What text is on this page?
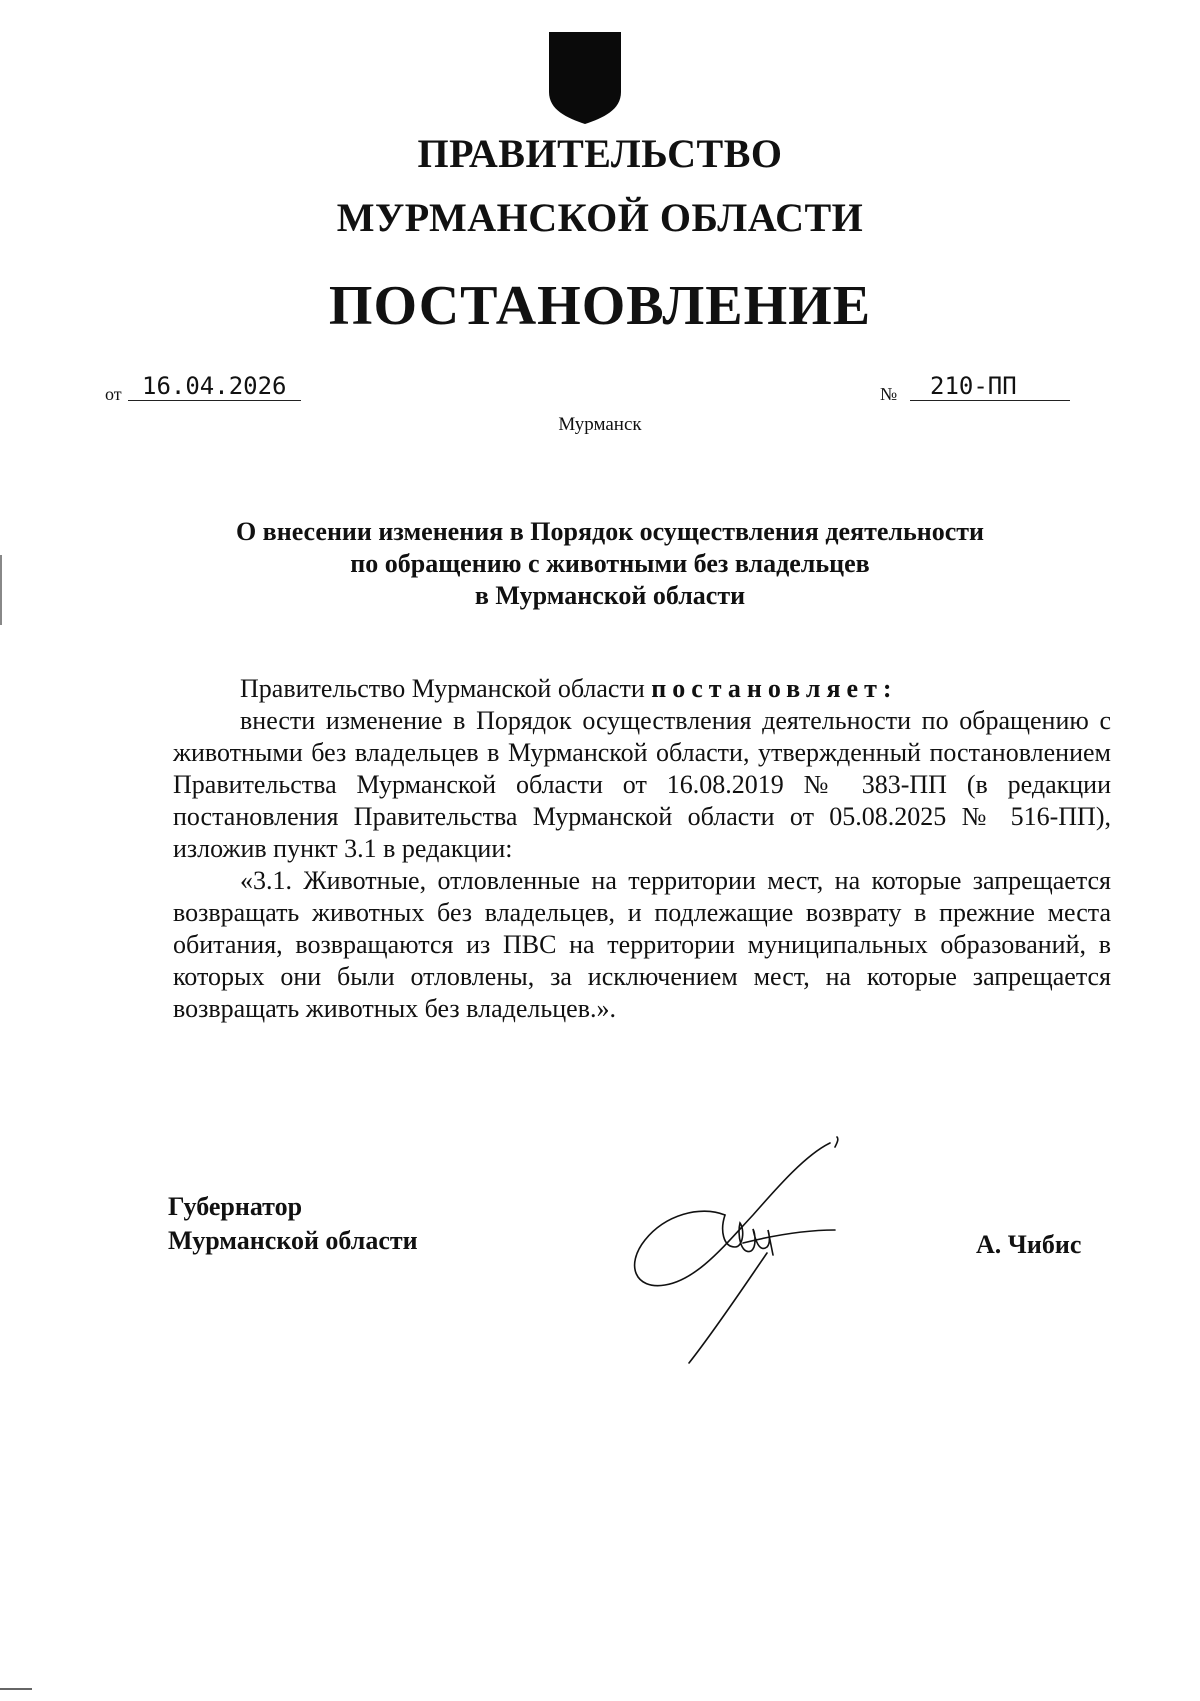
ПРАВИТЕЛЬСТВО
МУРМАНСКОЙ ОБЛАСТИ
ПОСТАНОВЛЕНИЕ
от 16.04.2026	№	210-ПП
Мурманск
О внесении изменения в Порядок осуществления деятельности
по обращению с животными без владельцев
в Мурманской области

Правительство Мурманской области постановляет:

внести изменение в Порядок осуществления деятельности по обращению с животными без владельцев в Мурманской области, утвержденный постановлением Правительства Мурманской области от 16.08.2019 № 383-ПП (в редакции постановления Правительства Мурманской области от 05.08.2025 № 516-ПП), изложив пункт 3.1 в редакции:

«3.1. Животные, отловленные на территории мест, на которые запрещается возвращать животных без владельцев, и подлежащие возврату в прежние места обитания, возвращаются из ПВС на территории муниципальных образований, в которых они были отловлены, за исключением мест, на которые запрещается возвращать животных без владельцев.».

Губернатор
Мурманской области	А. Чибис
